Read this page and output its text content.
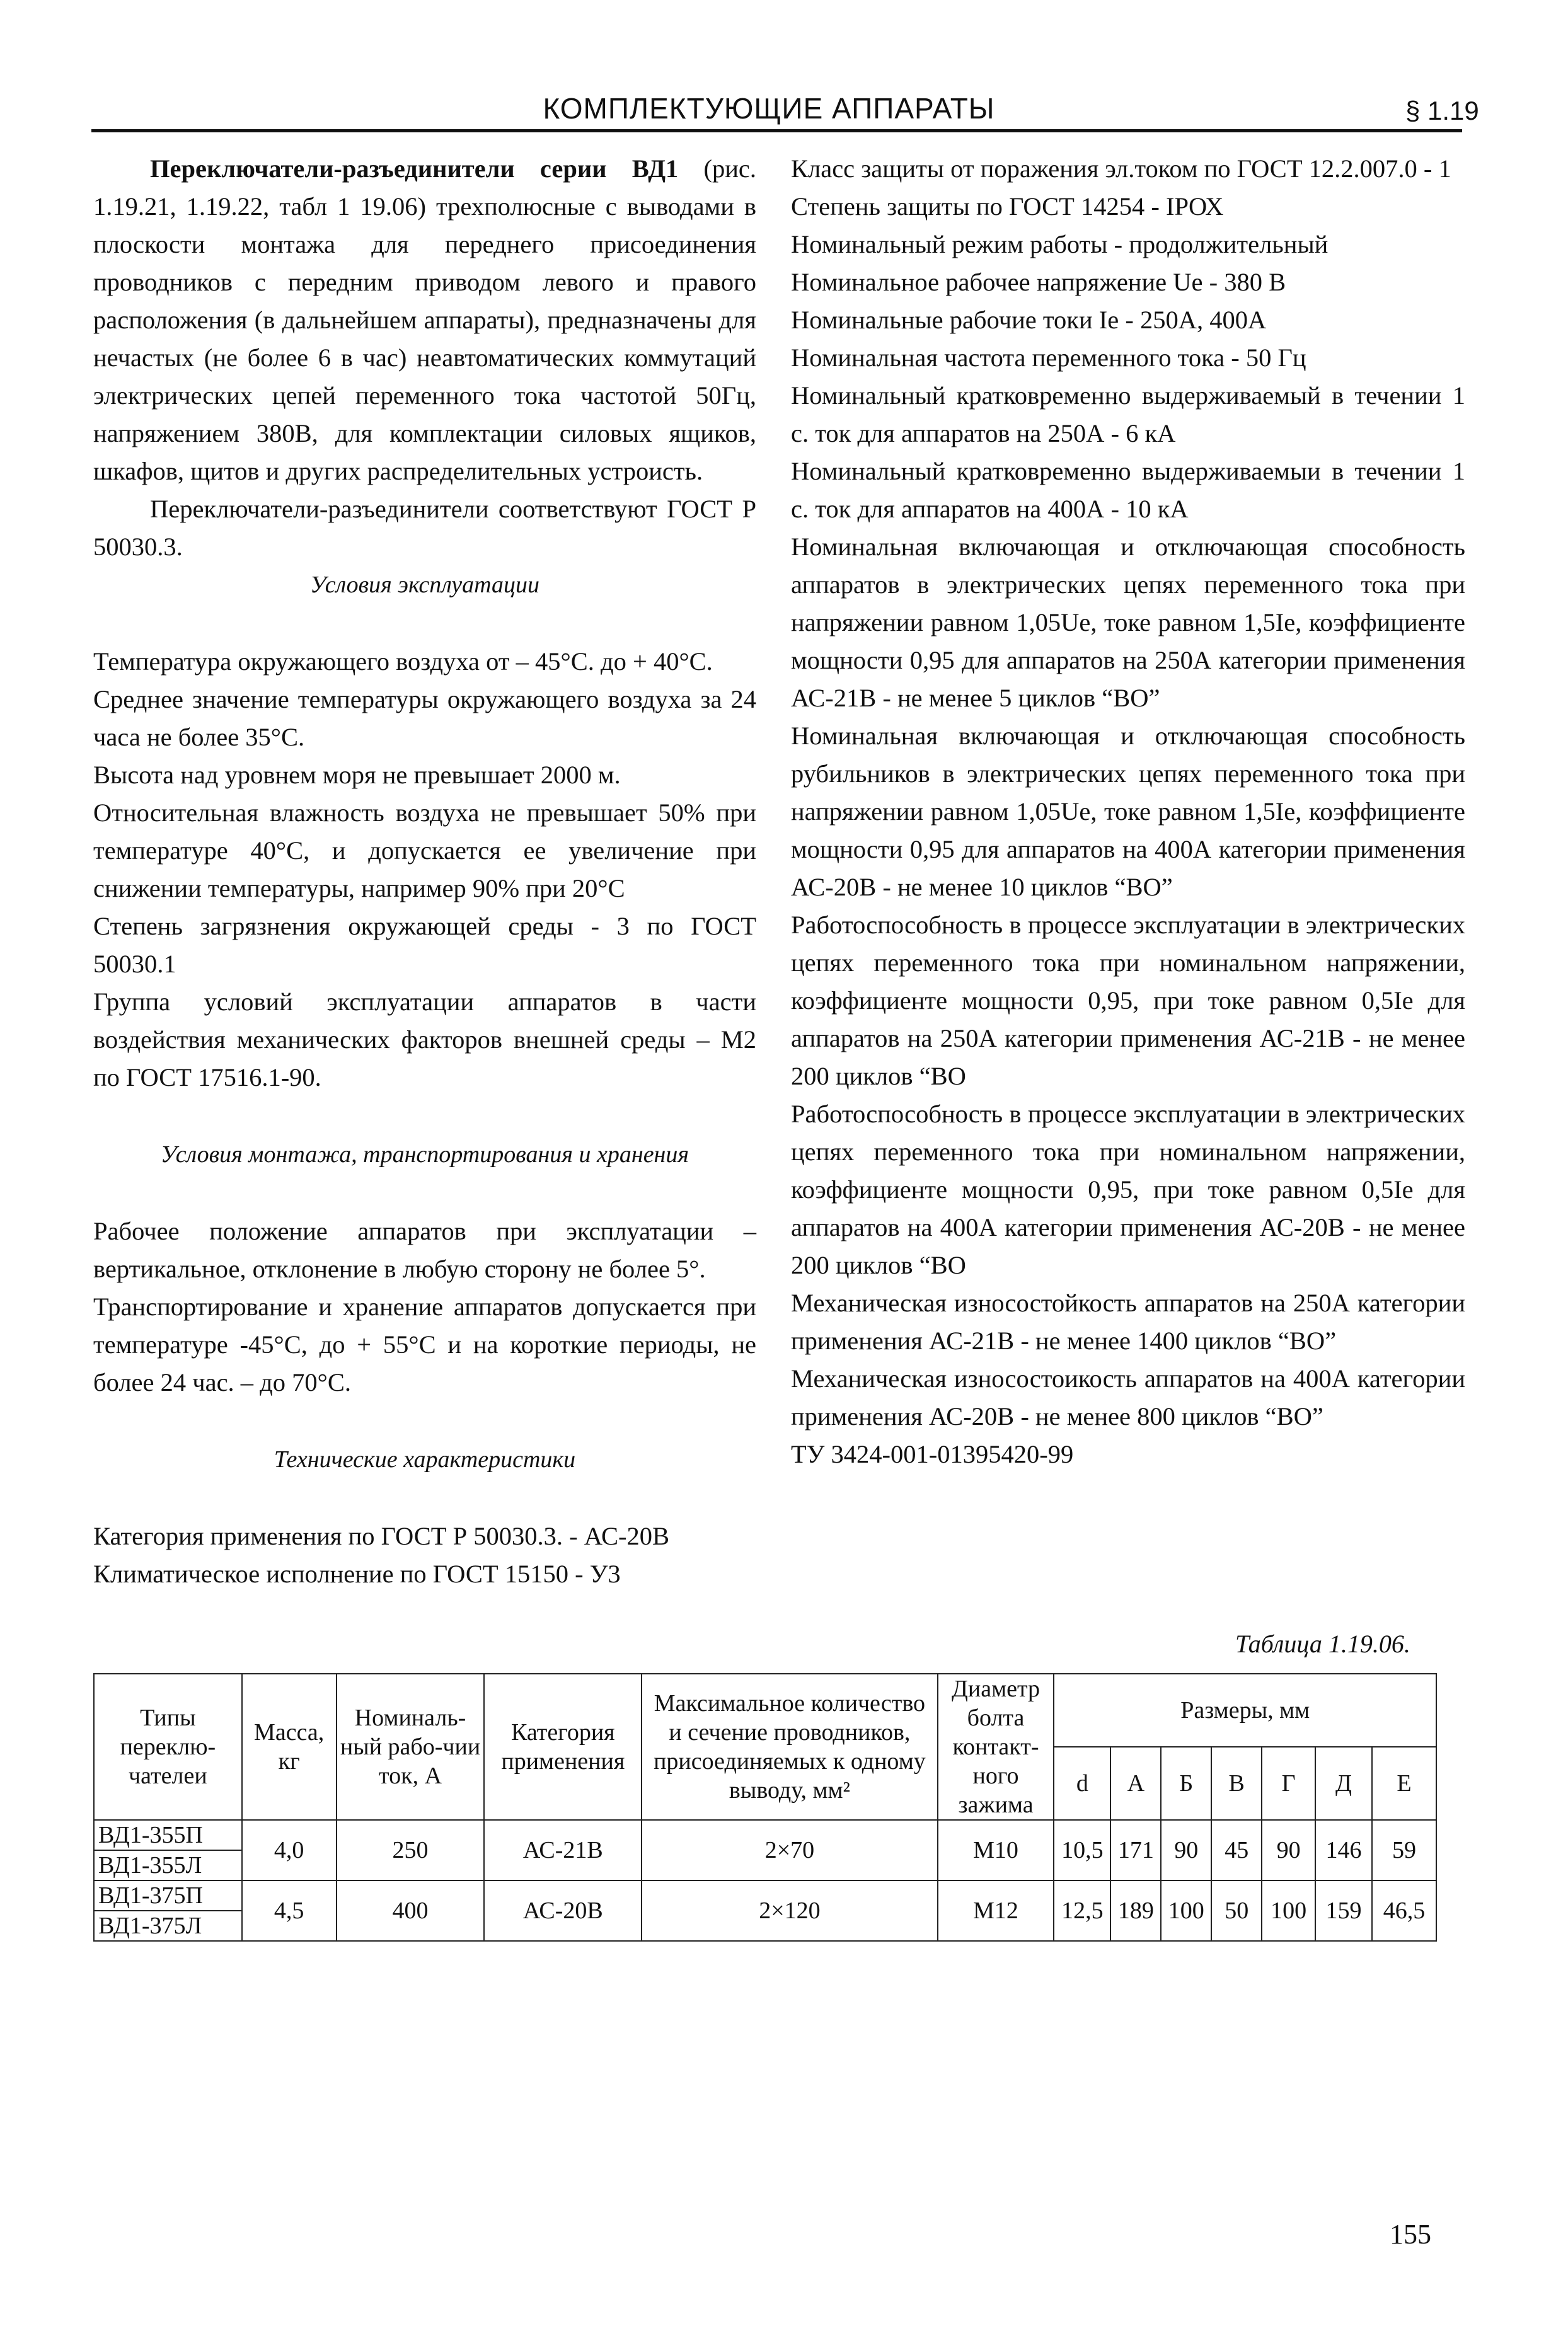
КОМПЛЕКТУЮЩИЕ АППАРАТЫ	§ 1.19

Переключатели-разъединители серии ВД1 (рис. 1.19.21, 1.19.22, табл 1 19.06) трехполюсные с выводами в плоскости монтажа для переднего присоединения проводников с передним приводом левого и правого расположения (в дальнейшем аппараты), предназначены для нечастых (не более 6 в час) неавтоматических коммутаций электрических цепей переменного тока частотой 50Гц, напряжением 380В, для комплектации силовых ящиков, шкафов, щитов и других распределительных устроисть.

Переключатели-разъединители соответствуют ГОСТ Р 50030.3.

Условия эксплуатации

Температура окружающего воздуха от – 45°С. до + 40°С.

Среднее значение температуры окружающего воздуха за 24 часа не более 35°С.

Высота над уровнем моря не превышает 2000 м.

Относительная влажность воздуха не превышает 50% при температуре 40°С, и допускается ее увеличение при снижении температуры, например 90% при 20°С

Степень загрязнения окружающей среды - 3 по ГОСТ 50030.1

Группа условий эксплуатации аппаратов в части воздействия механических факторов внешней среды – М2 по ГОСТ 17516.1-90.

Условия монтажа, транспортирования и хранения

Рабочее положение аппаратов при эксплуатации – вертикальное, отклонение в любую сторону не более 5°.

Транспортирование и хранение аппаратов допускается при температуре -45°С, до + 55°С и на короткие периоды, не более 24 час. – до 70°С.

Технические характеристики

Категория применения по ГОСТ Р 50030.3. - АС-20В

Климатическое исполнение по ГОСТ 15150 - У3

Класс защиты от поражения эл.током по ГОСТ 12.2.007.0 - 1

Степень защиты по ГОСТ 14254 - IPОХ

Номинальный режим работы - продолжительный

Номинальное рабочее напряжение Ue - 380 В

Номинальные рабочие токи Ie - 250А, 400А

Номинальная частота переменного тока - 50 Гц

Номинальный кратковременно выдерживаемый в течении 1 с. ток для аппаратов на 250А - 6 кА

Номинальный кратковременно выдерживаемыи в течении 1 с. ток для аппаратов на 400А - 10 кА

Номинальная включающая и отключающая способность аппаратов в электрических цепях переменного тока при напряжении равном 1,05Ue, токе равном 1,5Ie, коэффициенте мощности 0,95 для аппаратов на 250А категории применения АС-21В - не менее 5 циклов “ВО”

Номинальная включающая и отключающая способность рубильников в электрических цепях переменного тока при напряжении равном 1,05Ue, токе равном 1,5Ie, коэффициенте мощности 0,95 для аппаратов на 400А категории применения АС-20В - не менее 10 циклов “ВО”

Работоспособность в процессе эксплуатации в электрических цепях переменного тока при номинальном напряжении, коэффициенте мощности 0,95, при токе равном 0,5Ie для аппаратов на 250А категории применения АС-21В - не менее 200 циклов “ВО

Работоспособность в процессе эксплуатации в электрических цепях переменного тока при номинальном напряжении, коэффициенте мощности 0,95, при токе равном 0,5Ie для аппаратов на 400А категории применения АС-20В - не менее 200 циклов “ВО

Механическая износостойкость аппаратов на 250А категории применения АС-21В - не менее 1400 циклов “ВО”

Механическая износостоикость аппаратов на 400А категории применения АС-20В - не менее 800 циклов “ВО”

ТУ 3424-001-01395420-99

Таблица 1.19.06.
Типы переклю-чателеи	Масса, кг	Номиналь-ный рабо-чии ток, А	Категория применения	Максимальное количество и сечение проводников, присоединяемых к одному выводу, мм²	Диаметр болта контакт-ного зажима	Размеры, мм						
						d	А	Б	В	Г	Д	Е
ВД1-355П	4,0	250	АС-21В	2×70	М10	10,5	171	90	45	90	146	59
ВД1-355Л												
ВД1-375П	4,5	400	АС-20В	2×120	М12	12,5	189	100	50	100	159	46,5
ВД1-375Л												
155
